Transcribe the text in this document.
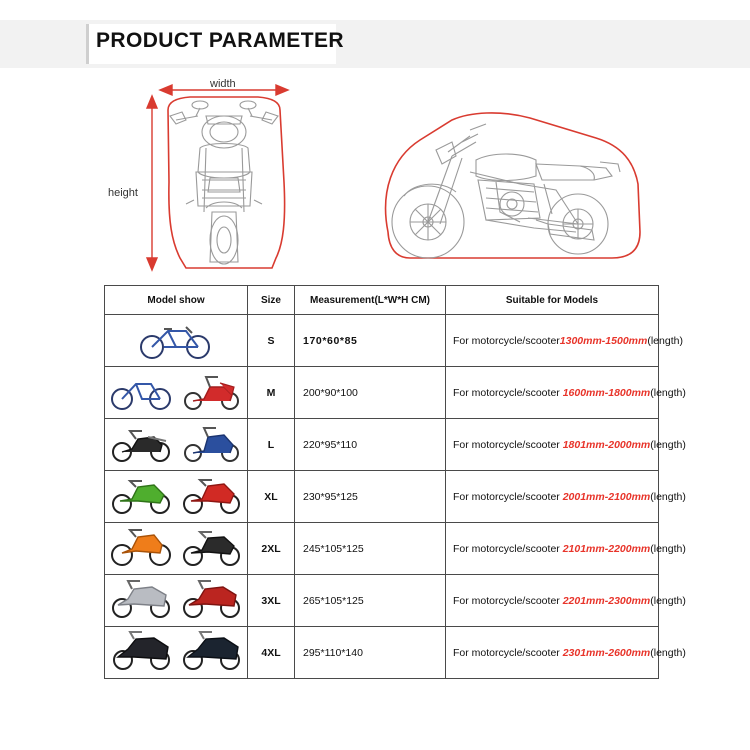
PRODUCT PARAMETER
width
height
Model show	Size	Measurement(L*W*H CM)	Suitable for Models

	S	170*60*85	For motorcycle/scooter1300mm-1500mm(length)

	M	200*90*100	For motorcycle/scooter 1600mm-1800mm(length)

	L	220*95*110	For motorcycle/scooter 1801mm-2000mm(length)

	XL	230*95*125	For motorcycle/scooter 2001mm-2100mm(length)

	2XL	245*105*125	For motorcycle/scooter 2101mm-2200mm(length)

	3XL	265*105*125	For motorcycle/scooter 2201mm-2300mm(length)

	4XL	295*110*140	For motorcycle/scooter 2301mm-2600mm(length)
